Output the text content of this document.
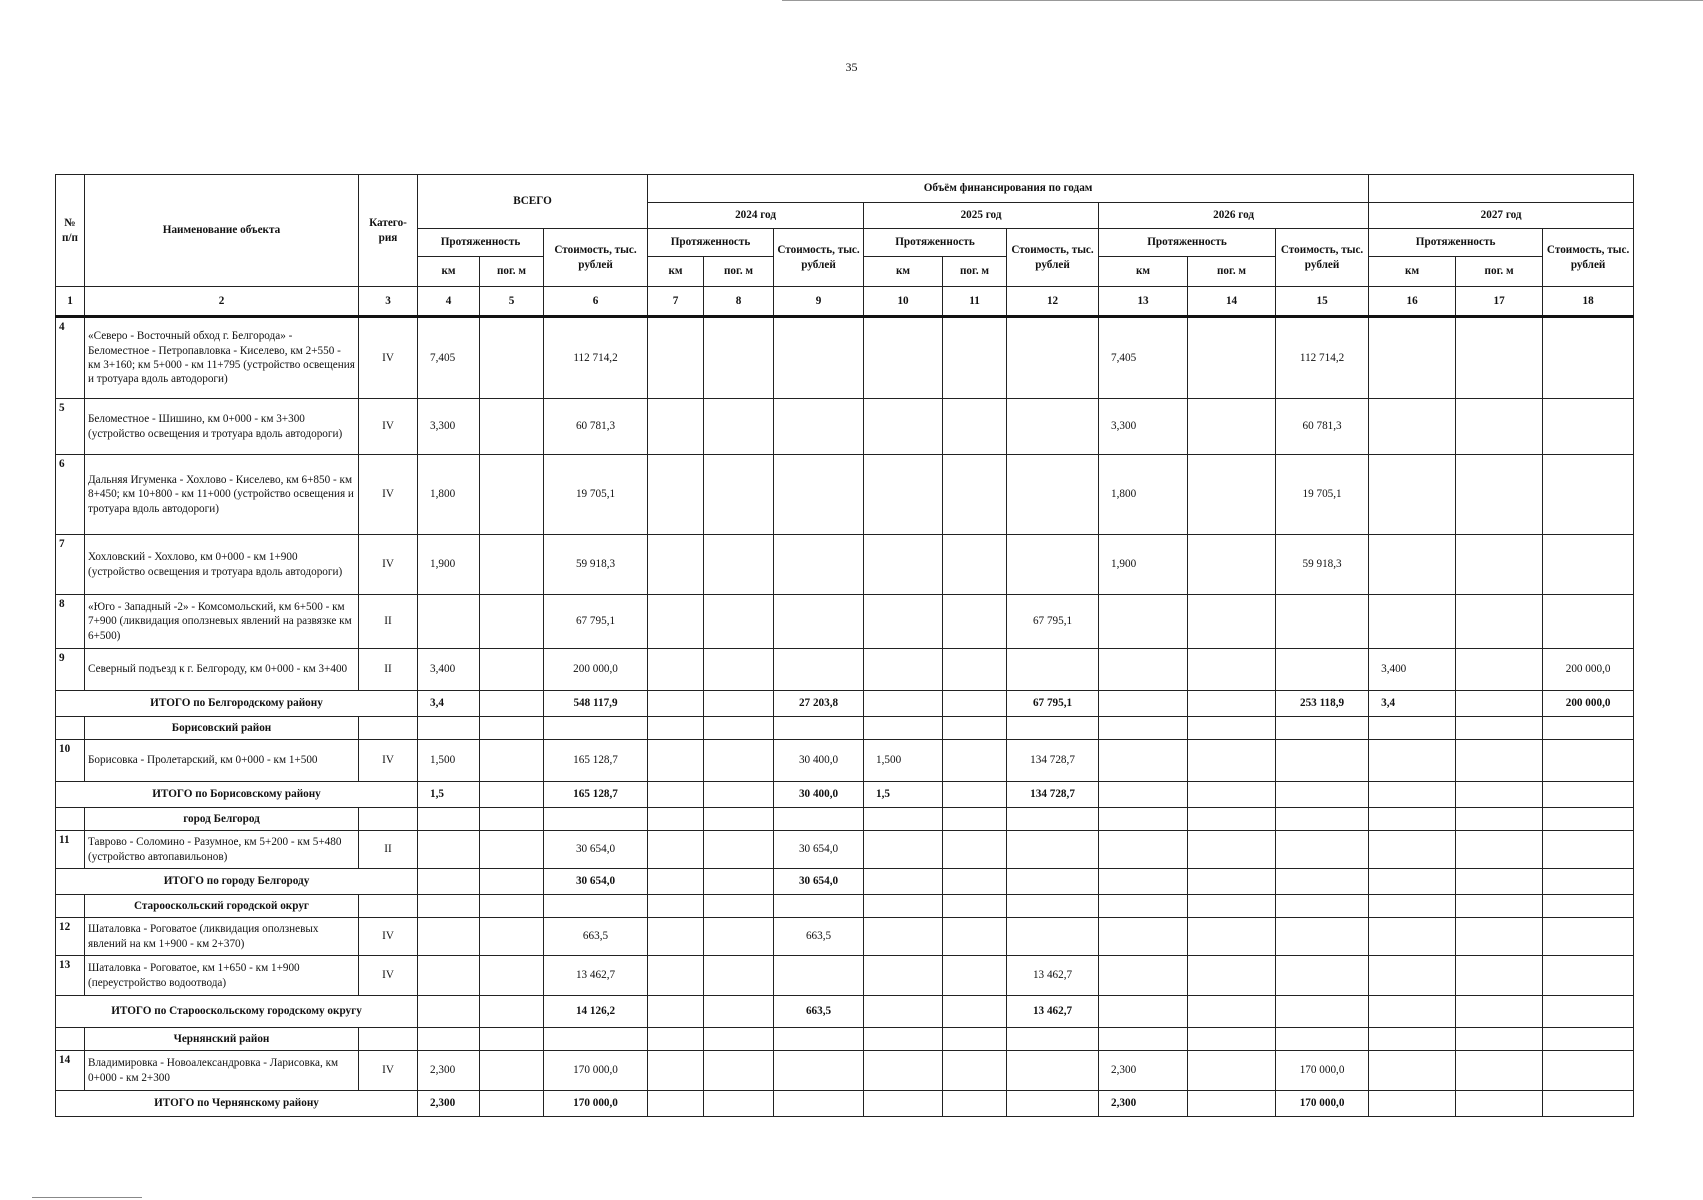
35
№ п/п	Наименование объекта	Катего-рия	ВСЕГО			Объём финансирования по годам											
						2024 год			2025 год			2026 год			2027 год		
			Протяженность		Стоимость, тыс. рублей	Протяженность		Стоимость, тыс. рублей	Протяженность		Стоимость, тыс. рублей	Протяженность		Стоимость, тыс. рублей	Протяженность		Стоимость, тыс. рублей
			км	пог. м		км	пог. м		км	пог. м		км	пог. м		км	пог. м	
1	2	3	4	5	6	7	8	9	10	11	12	13	14	15	16	17	18
4	«Северо - Восточный обход г. Белгорода» - Беломестное - Петропавловка - Киселево, км 2+550 - км 3+160; км 5+000 - км 11+795 (устройство освещения и тротуара вдоль автодороги)	IV	7,405		112 714,2							7,405		112 714,2			
5	Беломестное - Шишино, км 0+000 - км 3+300 (устройство освещения и тротуара вдоль автодороги)	IV	3,300		60 781,3							3,300		60 781,3			
6	Дальняя Игуменка - Хохлово - Киселево, км 6+850 - км 8+450; км 10+800 - км 11+000 (устройство освещения и тротуара вдоль автодороги)	IV	1,800		19 705,1							1,800		19 705,1			
7	Хохловский - Хохлово, км 0+000 - км 1+900 (устройство освещения и тротуара вдоль автодороги)	IV	1,900		59 918,3							1,900		59 918,3			
8	«Юго - Западный -2» - Комсомольский, км 6+500 - км 7+900 (ликвидация оползневых явлений на развязке км 6+500)	II			67 795,1						67 795,1						
9	Северный подъезд к г. Белгороду, км 0+000 - км 3+400	II	3,400		200 000,0										3,400		200 000,0
ИТОГО по Белгородскому району			3,4		548 117,9			27 203,8			67 795,1			253 118,9	3,4		200 000,0
	Борисовский район																
10	Борисовка - Пролетарский, км 0+000 - км 1+500	IV	1,500		165 128,7			30 400,0	1,500		134 728,7						
ИТОГО по Борисовскому району			1,5		165 128,7			30 400,0	1,5		134 728,7						
	город Белгород																
11	Таврово - Соломино - Разумное, км 5+200 - км 5+480 (устройство автопавильонов)	II			30 654,0			30 654,0									
ИТОГО по городу Белгороду					30 654,0			30 654,0									
	Старооскольский городской округ																
12	Шаталовка - Роговатое (ликвидация оползневых явлений на км 1+900 - км 2+370)	IV			663,5			663,5									
13	Шаталовка - Роговатое, км 1+650 - км 1+900 (переустройство водоотвода)	IV			13 462,7						13 462,7						
ИТОГО по Старооскольскому городскому округу					14 126,2			663,5			13 462,7						
	Чернянский район																
14	Владимировка - Новоалександровка - Ларисовка, км 0+000 - км 2+300	IV	2,300		170 000,0							2,300		170 000,0			
ИТОГО по Чернянскому району			2,300		170 000,0							2,300		170 000,0			
